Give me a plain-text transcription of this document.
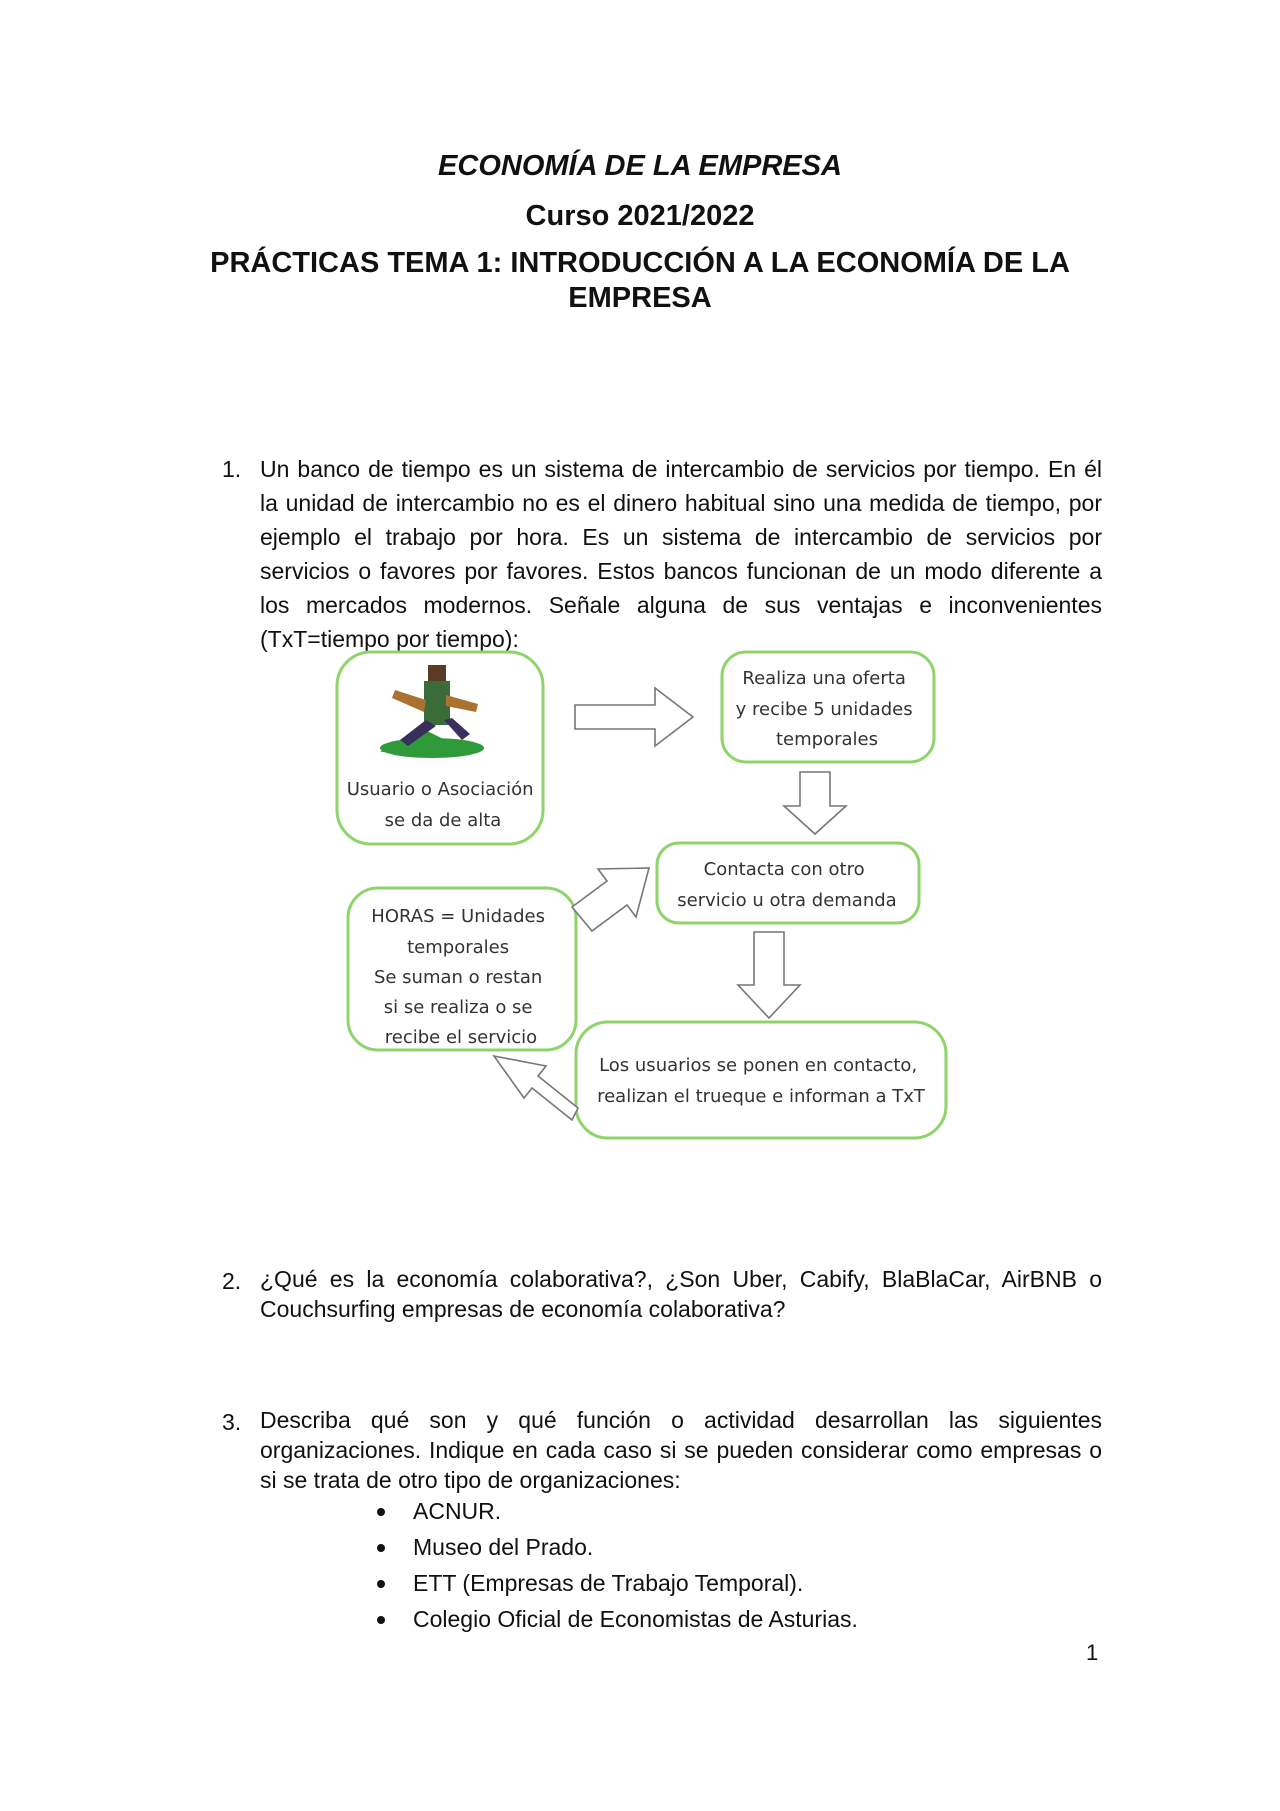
ECONOMÍA DE LA EMPRESA
Curso 2021/2022
PRÁCTICAS TEMA 1: INTRODUCCIÓN A LA ECONOMÍA DE LA EMPRESA
1. Un banco de tiempo es un sistema de intercambio de servicios por tiempo. En él la unidad de intercambio no es el dinero habitual sino una medida de tiempo, por ejemplo el trabajo por hora. Es un sistema de intercambio de servicios por servicios o favores por favores. Estos bancos funcionan de un modo diferente a los mercados modernos. Señale alguna de sus ventajas e inconvenientes (TxT=tiempo por tiempo):
Usuario o Asociación se da de alta
Realiza una oferta y recibe 5 unidades temporales
Contacta con otro servicio u otra demanda
HORAS = Unidades temporales Se suman o restan si se realiza o se recibe el servicio
Los usuarios se ponen en contacto, realizan el trueque e informan a TxT
2. ¿Qué es la economía colaborativa?, ¿Son Uber, Cabify, BlaBlaCar, AirBNB o Couchsurfing empresas de economía colaborativa?
3. Describa qué son y qué función o actividad desarrollan las siguientes organizaciones. Indique en cada caso si se pueden considerar como empresas o si se trata de otro tipo de organizaciones:
ACNUR.
Museo del Prado.
ETT (Empresas de Trabajo Temporal).
Colegio Oficial de Economistas de Asturias.
1
